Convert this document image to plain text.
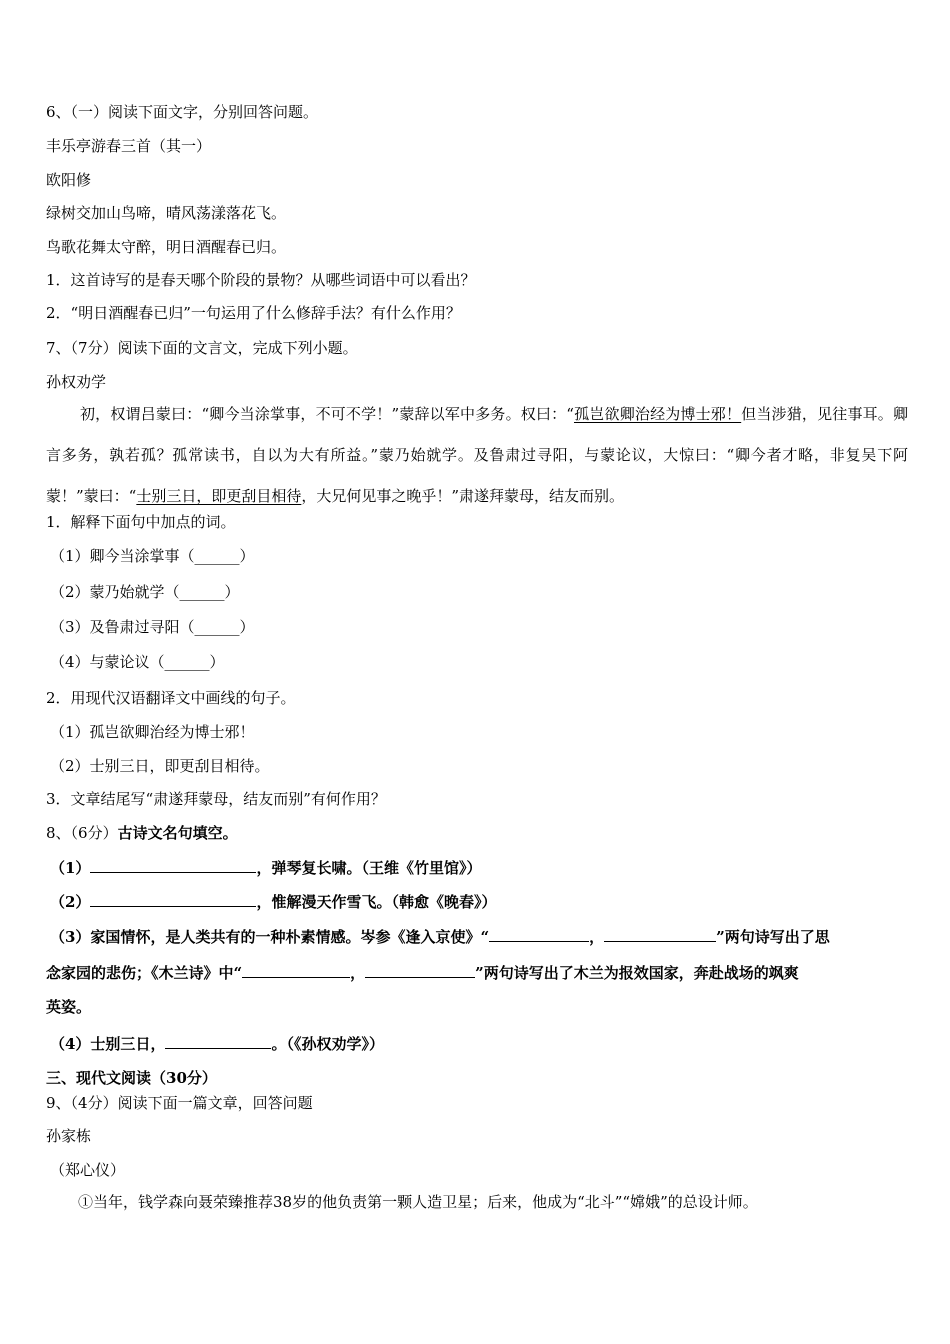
6、（一）阅读下面文字，分别回答问题。
丰乐亭游春三首（其一）
欧阳修
绿树交加山鸟啼，晴风荡漾落花飞。
鸟歌花舞太守醉，明日酒醒春已归。
1．这首诗写的是春天哪个阶段的景物？从哪些词语中可以看出？
2．“明日酒醒春已归”一句运用了什么修辞手法？有什么作用？
7、（7分）阅读下面的文言文，完成下列小题。
孙权劝学
初，权谓吕蒙曰：“卿今当涂掌事，不可不学！”蒙辞以军中多务。权曰：“孤岂欲卿治经为博士邪！但当涉猎，见往事耳。卿言多务，孰若孤？孤常读书，自以为大有所益。”蒙乃始就学。及鲁肃过寻阳，与蒙论议，大惊曰：“卿今者才略，非复吴下阿蒙！”蒙曰：“士别三日，即更刮目相待，大兄何见事之晚乎！”肃遂拜蒙母，结友而别。
1．解释下面句中加点的词。
（1）卿今当涂掌事（______）
（2）蒙乃始就学（______）
（3）及鲁肃过寻阳（______）
（4）与蒙论议（______）
2．用现代汉语翻译文中画线的句子。
（1）孤岂欲卿治经为博士邪！
（2）士别三日，即更刮目相待。
3．文章结尾写“肃遂拜蒙母，结友而别”有何作用？
8、（6分）古诗文名句填空。
（1）	，弹琴复长啸。（王维《竹里馆》）
（2）	，惟解漫天作雪飞。（韩愈《晚春》）
（3）家国情怀，是人类共有的一种朴素情感。岑参《逢入京使》“	，	”两句诗写出了思
念家园的悲伤；《木兰诗》中“	，	”两句诗写出了木兰为报效国家，奔赴战场的飒爽
英姿。
（4）士别三日，	。（《孙权劝学》）
三、现代文阅读（30分）
9、（4分）阅读下面一篇文章，回答问题
孙家栋
（郑心仪）
①当年，钱学森向聂荣臻推荐38岁的他负责第一颗人造卫星；后来，他成为“北斗”“嫦娥”的总设计师。
